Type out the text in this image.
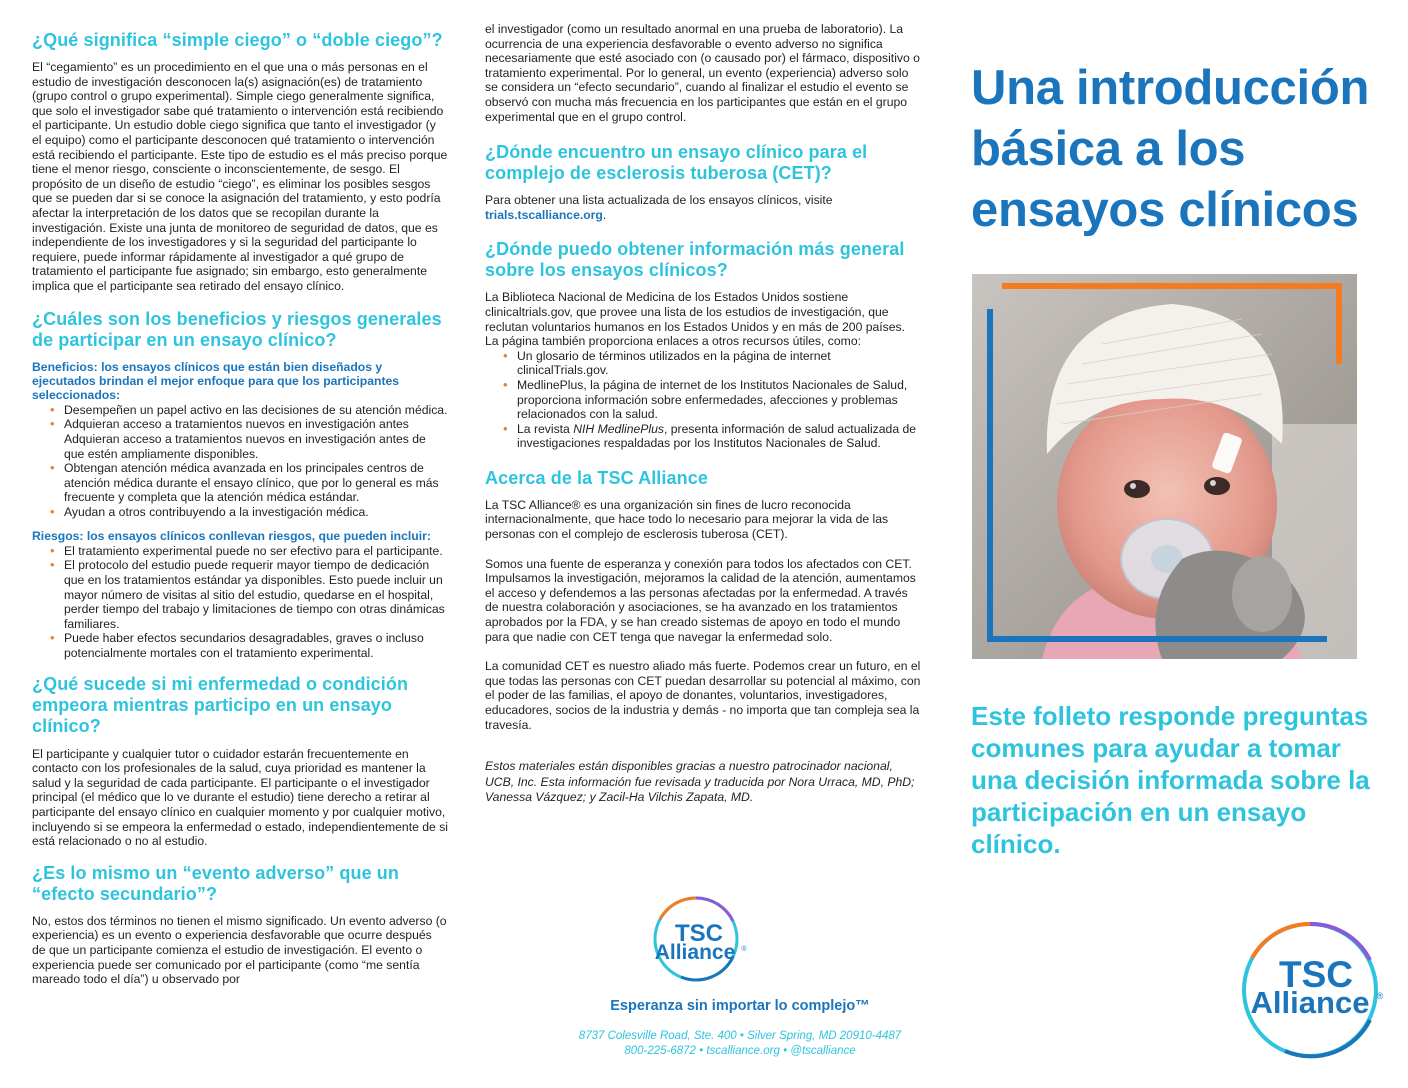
¿Qué significa “simple ciego” o “doble ciego”?

El “cegamiento” es un procedimiento en el que una o más personas en el estudio de investigación desconocen la(s) asignación(es) de tratamiento (grupo control o grupo experimental). Simple ciego generalmente significa, que solo el investigador sabe qué tratamiento o intervención está recibiendo el participante. Un estudio doble ciego significa que tanto el investigador (y el equipo) como el participante desconocen qué tratamiento o intervención está recibiendo el participante. Este tipo de estudio es el más preciso porque tiene el menor riesgo, consciente o inconscientemente, de sesgo. El propósito de un diseño de estudio “ciego”, es eliminar los posibles sesgos que se pueden dar si se conoce la asignación del tratamiento, y esto podría afectar la interpretación de los datos que se recopilan durante la investigación. Existe una junta de monitoreo de seguridad de datos, que es independiente de los investigadores y si la seguridad del participante lo requiere, puede informar rápidamente al investigador a qué grupo de tratamiento el participante fue asignado; sin embargo, esto generalmente implica que el participante sea retirado del ensayo clínico.

¿Cuáles son los beneficios y riesgos generales de participar en un ensayo clínico?
Beneficios: los ensayos clínicos que están bien diseñados y ejecutados brindan el mejor enfoque para que los participantes seleccionados:
• Desempeñen un papel activo en las decisiones de su atención médica.
• Adquieran acceso a tratamientos nuevos en investigación antes Adquieran acceso a tratamientos nuevos en investigación antes de que estén ampliamente disponibles.
• Obtengan atención médica avanzada en los principales centros de atención médica durante el ensayo clínico, que por lo general es más frecuente y completa que la atención médica estándar.
• Ayudan a otros contribuyendo a la investigación médica.
Riesgos: los ensayos clínicos conllevan riesgos, que pueden incluir:
• El tratamiento experimental puede no ser efectivo para el participante.
• El protocolo del estudio puede requerir mayor tiempo de dedicación que en los tratamientos estándar ya disponibles. Esto puede incluir un mayor número de visitas al sitio del estudio, quedarse en el hospital, perder tiempo del trabajo y limitaciones de tiempo con otras dinámicas familiares.
• Puede haber efectos secundarios desagradables, graves o incluso potencialmente mortales con el tratamiento experimental.
¿Qué sucede si mi enfermedad o condición empeora mientras participo en un ensayo clínico?

El participante y cualquier tutor o cuidador estarán frecuentemente en contacto con los profesionales de la salud, cuya prioridad es mantener la salud y la seguridad de cada participante. El participante o el investigador principal (el médico que lo ve durante el estudio) tiene derecho a retirar al participante del ensayo clínico en cualquier momento y por cualquier motivo, incluyendo si se empeora la enfermedad o estado, independientemente de si está relacionado o no al estudio.

¿Es lo mismo un “evento adverso” que un “efecto secundario”?

No, estos dos términos no tienen el mismo significado. Un evento adverso (o experiencia) es un evento o experiencia desfavorable que ocurre después de que un participante comienza el estudio de investigación. El evento o experiencia puede ser comunicado por el participante (como “me sentía mareado todo el día”) u observado por

el investigador (como un resultado anormal en una prueba de laboratorio). La ocurrencia de una experiencia desfavorable o evento adverso no significa necesariamente que esté asociado con (o causado por) el fármaco, dispositivo o tratamiento experimental. Por lo general, un evento (experiencia) adverso solo se considera un “efecto secundario”, cuando al finalizar el estudio el evento se observó con mucha más frecuencia en los participantes que están en el grupo experimental que en el grupo control.

¿Dónde encuentro un ensayo clínico para el complejo de esclerosis tuberosa (CET)?

Para obtener una lista actualizada de los ensayos clínicos, visite trials.tscalliance.org.

¿Dónde puedo obtener información más general sobre los ensayos clínicos?

La Biblioteca Nacional de Medicina de los Estados Unidos sostiene clinicaltrials.gov, que provee una lista de los estudios de investigación, que reclutan voluntarios humanos en los Estados Unidos y en más de 200 países. La página también proporciona enlaces a otros recursos útiles, como:

• Un glosario de términos utilizados en la página de internet clinicalTrials.gov.
• MedlinePlus, la página de internet de los Institutos Nacionales de Salud, proporciona información sobre enfermedades, afecciones y problemas relacionados con la salud.
• La revista NIH MedlinePlus, presenta información de salud actualizada de investigaciones respaldadas por los Institutos Nacionales de Salud.
Acerca de la TSC Alliance

La TSC Alliance® es una organización sin fines de lucro reconocida internacionalmente, que hace todo lo necesario para mejorar la vida de las personas con el complejo de esclerosis tuberosa (CET).

Somos una fuente de esperanza y conexión para todos los afectados con CET. Impulsamos la investigación, mejoramos la calidad de la atención, aumentamos el acceso y defendemos a las personas afectadas por la enfermedad. A través de nuestra colaboración y asociaciones, se ha avanzado en los tratamientos aprobados por la FDA, y se han creado sistemas de apoyo en todo el mundo para que nadie con CET tenga que navegar la enfermedad solo.

La comunidad CET es nuestro aliado más fuerte. Podemos crear un futuro, en el que todas las personas con CET puedan desarrollar su potencial al máximo, con el poder de las familias, el apoyo de donantes, voluntarios, investigadores, educadores, socios de la industria y demás - no importa que tan compleja sea la travesía.

Estos materiales están disponibles gracias a nuestro patrocinador nacional, UCB, Inc. Esta información fue revisada y traducida por Nora Urraca, MD, PhD; Vanessa Vázquez; y Zacil-Ha Vilchis Zapata, MD.

TSC
Alliance ®
Esperanza sin importar lo complejo™
8737 Colesville Road, Ste. 400 • Silver Spring, MD 20910-4487
800-225-6872 • tscalliance.org • @tscalliance
Una introducción básica a los ensayos clínicos
Este folleto responde preguntas comunes para ayudar a tomar una decisión informada sobre la participación en un ensayo clínico.
TSC
Alliance ®
